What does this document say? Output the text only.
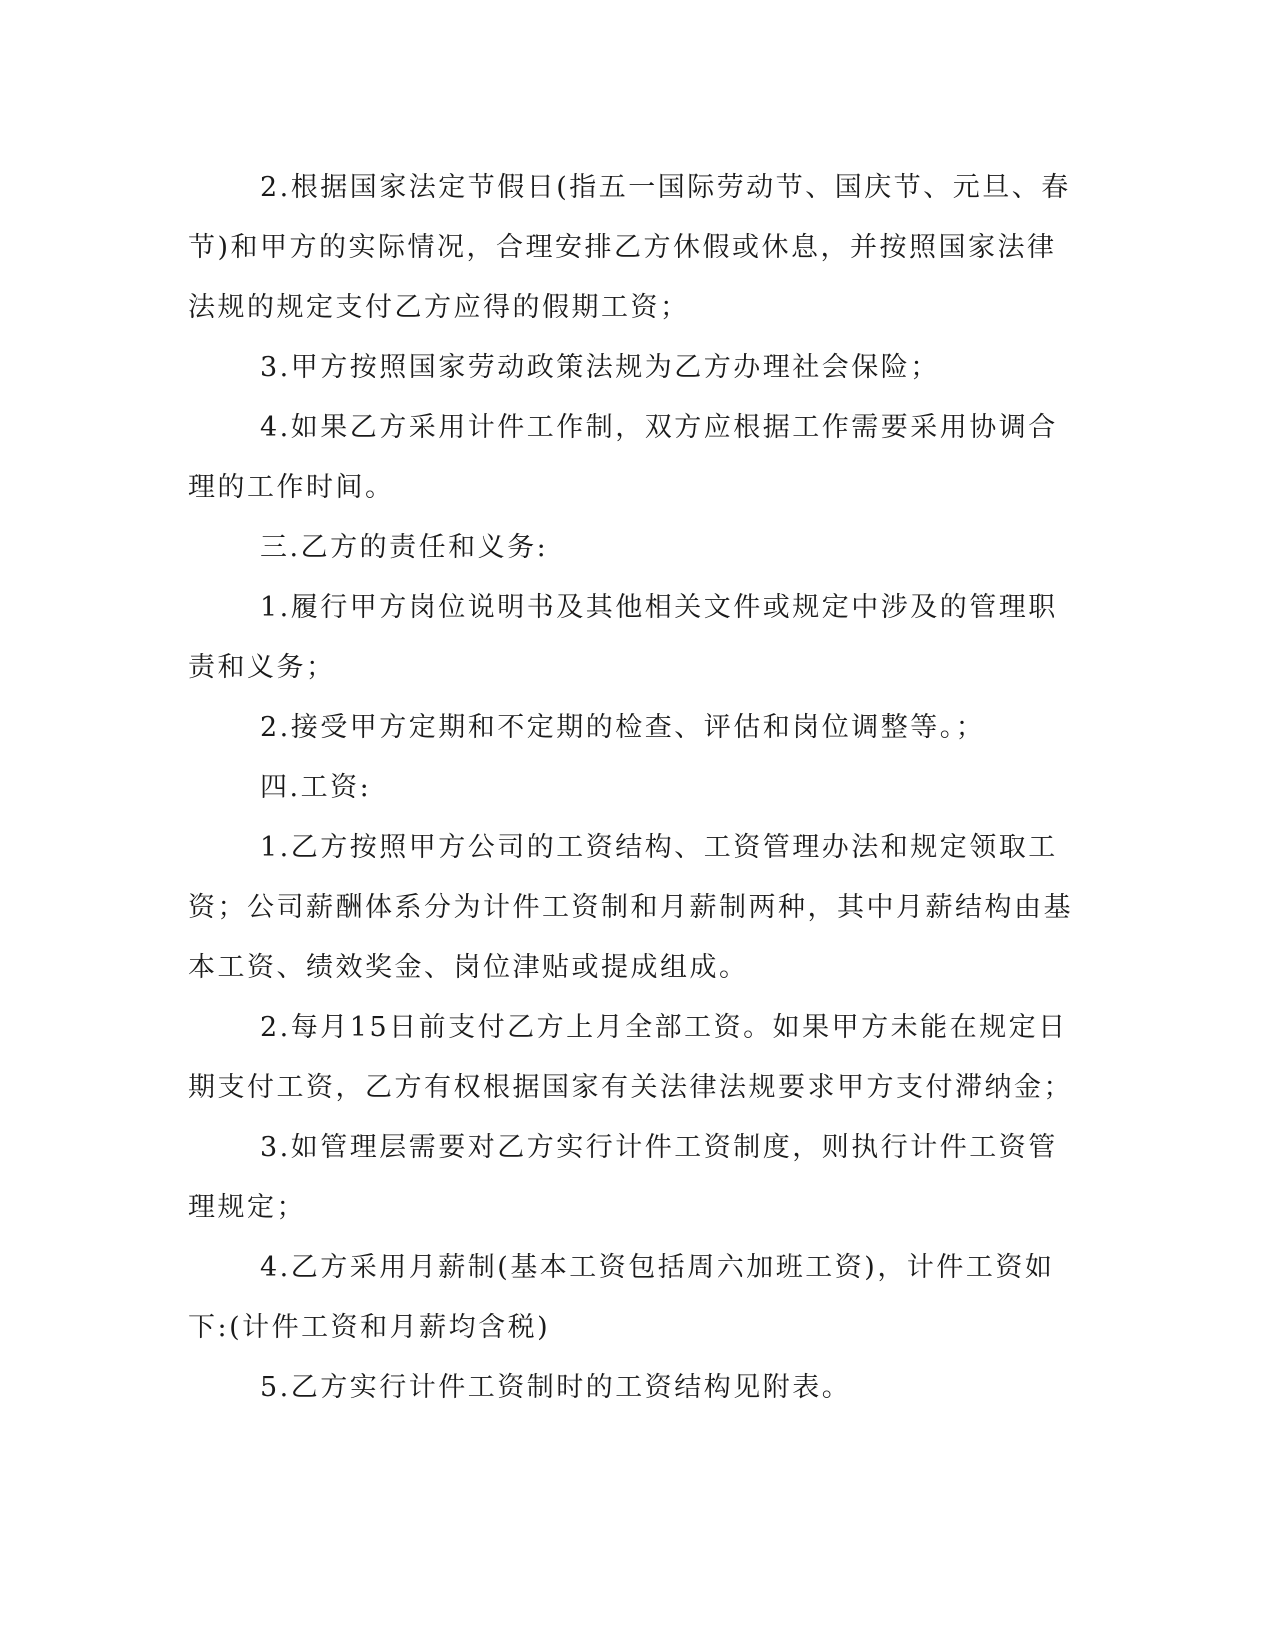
2.根据国家法定节假日(指五一国际劳动节、国庆节、元旦、春节)和甲方的实际情况，合理安排乙方休假或休息，并按照国家法律法规的规定支付乙方应得的假期工资；

3.甲方按照国家劳动政策法规为乙方办理社会保险；

4.如果乙方采用计件工作制，双方应根据工作需要采用协调合理的工作时间。

三.乙方的责任和义务:

1.履行甲方岗位说明书及其他相关文件或规定中涉及的管理职责和义务；

2.接受甲方定期和不定期的检查、评估和岗位调整等。；

四.工资:

1.乙方按照甲方公司的工资结构、工资管理办法和规定领取工资；公司薪酬体系分为计件工资制和月薪制两种，其中月薪结构由基本工资、绩效奖金、岗位津贴或提成组成。

2.每月15日前支付乙方上月全部工资。如果甲方未能在规定日期支付工资，乙方有权根据国家有关法律法规要求甲方支付滞纳金；

3.如管理层需要对乙方实行计件工资制度，则执行计件工资管理规定；

4.乙方采用月薪制(基本工资包括周六加班工资)，计件工资如下:(计件工资和月薪均含税)

5.乙方实行计件工资制时的工资结构见附表。
